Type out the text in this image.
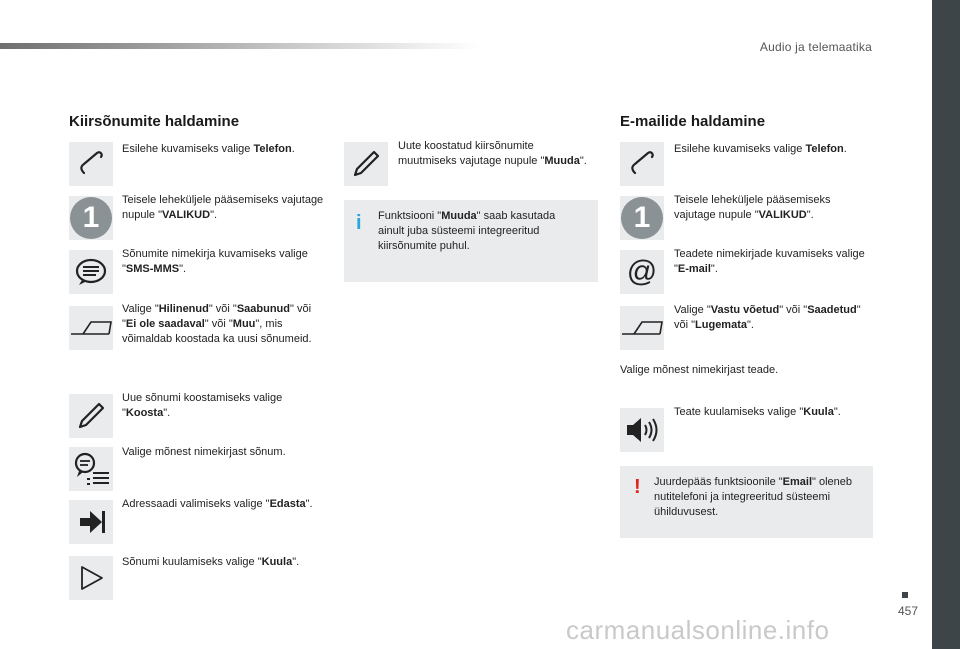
Audio ja telemaatika
457
carmanualsonline.info
Kiirsõnumite haldamine
Esilehe kuvamiseks valige Telefon.
1
Teisele leheküljele pääsemiseks vajutage nupule "VALIKUD".
Sõnumite nimekirja kuvamiseks valige "SMS-MMS".
Valige "Hilinenud" või "Saabunud" või "Ei ole saadaval" või "Muu", mis võimaldab koostada ka uusi sõnumeid.
Uue sõnumi koostamiseks valige "Koosta".
Valige mõnest nimekirjast sõnum.
Adressaadi valimiseks valige "Edasta".
Sõnumi kuulamiseks valige "Kuula".
Uute koostatud kiirsõnumite muutmiseks vajutage nupule "Muuda".
i Funktsiooni "Muuda" saab kasutada ainult juba süsteemi integreeritud kiirsõnumite puhul.
E-mailide haldamine
Esilehe kuvamiseks valige Telefon.
1
Teisele leheküljele pääsemiseks vajutage nupule "VALIKUD".
@
Teadete nimekirjade kuvamiseks valige "E-mail".
Valige "Vastu võetud" või "Saadetud" või "Lugemata".
Valige mõnest nimekirjast teade.
Teate kuulamiseks valige "Kuula".
! Juurdepääs funktsioonile "Email" oleneb nutitelefoni ja integreeritud süsteemi ühilduvusest.
